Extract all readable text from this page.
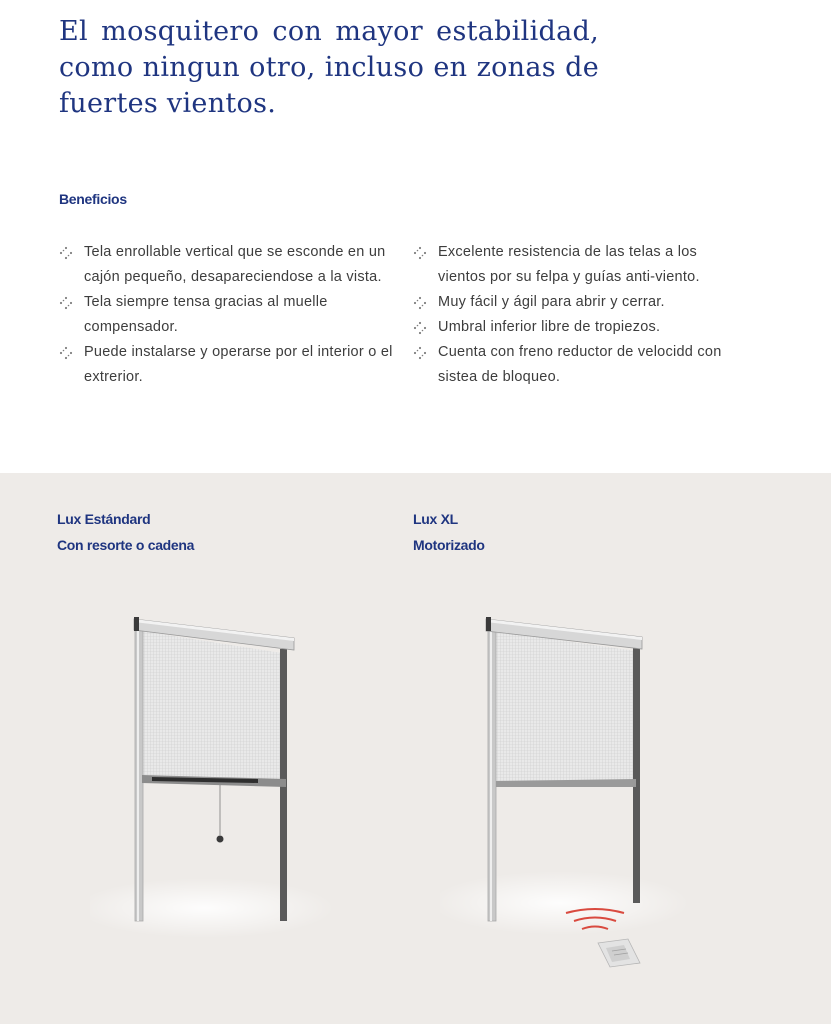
El mosquitero con mayor estabilidad, como ningun otro, incluso en zonas de fuertes vientos.
Beneficios
Tela enrollable vertical que se esconde en un cajón pequeño, desapareciendose a la vista.
Tela siempre tensa gracias al muelle compensador.
Puede instalarse y operarse por el interior o el extrerior.
Excelente resistencia de las telas a los vientos por su felpa y guías anti-viento.
Muy fácil y ágil para abrir y cerrar.
Umbral inferior libre de tropiezos.
Cuenta con freno reductor de velocidd con sistea de bloqueo.
Lux Estándard
Con resorte o cadena
Lux XL
Motorizado
